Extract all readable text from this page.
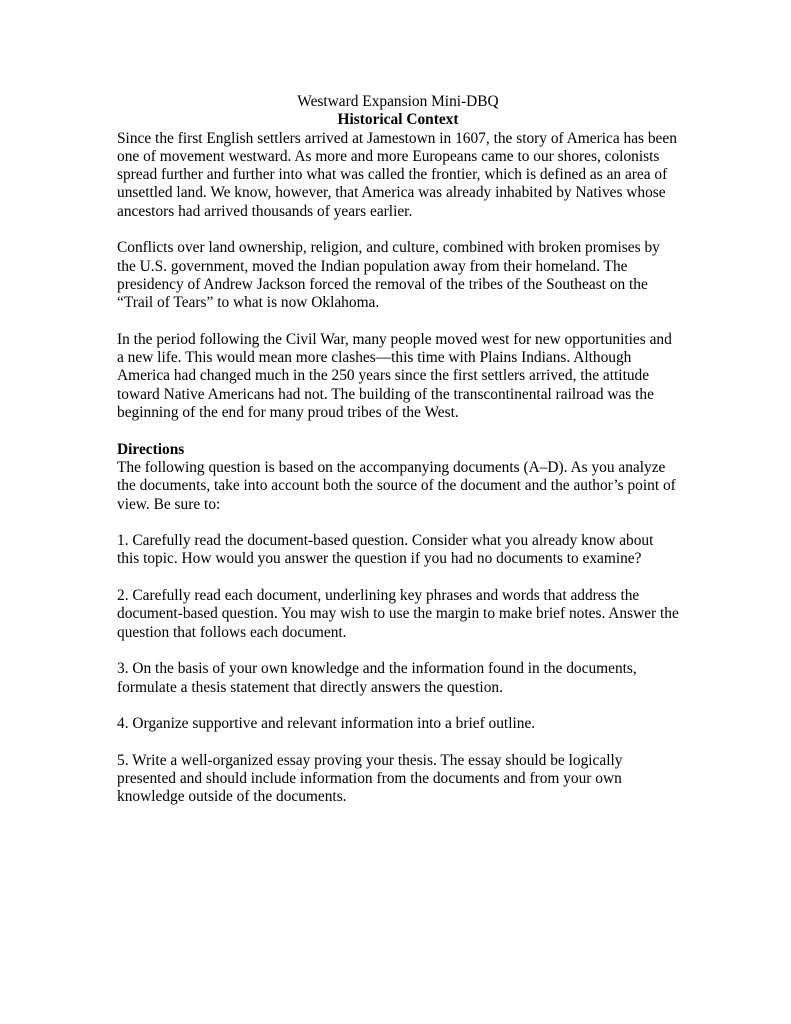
Westward Expansion Mini-DBQ
Historical Context

Since the first English settlers arrived at Jamestown in 1607, the story of America has been one of movement westward. As more and more Europeans came to our shores, colonists spread further and further into what was called the frontier, which is defined as an area of unsettled land. We know, however, that America was already inhabited by Natives whose ancestors had arrived thousands of years earlier.

Conflicts over land ownership, religion, and culture, combined with broken promises by the U.S. government, moved the Indian population away from their homeland. The presidency of Andrew Jackson forced the removal of the tribes of the Southeast on the “Trail of Tears” to what is now Oklahoma.

In the period following the Civil War, many people moved west for new opportunities and a new life. This would mean more clashes—this time with Plains Indians. Although America had changed much in the 250 years since the first settlers arrived, the attitude toward Native Americans had not. The building of the transcontinental railroad was the beginning of the end for many proud tribes of the West.

Directions

The following question is based on the accompanying documents (A–D). As you analyze the documents, take into account both the source of the document and the author’s point of view. Be sure to:

1. Carefully read the document-based question. Consider what you already know about this topic. How would you answer the question if you had no documents to examine?

2. Carefully read each document, underlining key phrases and words that address the document-based question. You may wish to use the margin to make brief notes. Answer the question that follows each document.

3. On the basis of your own knowledge and the information found in the documents, formulate a thesis statement that directly answers the question.

4. Organize supportive and relevant information into a brief outline.

5. Write a well-organized essay proving your thesis. The essay should be logically presented and should include information from the documents and from your own knowledge outside of the documents.
